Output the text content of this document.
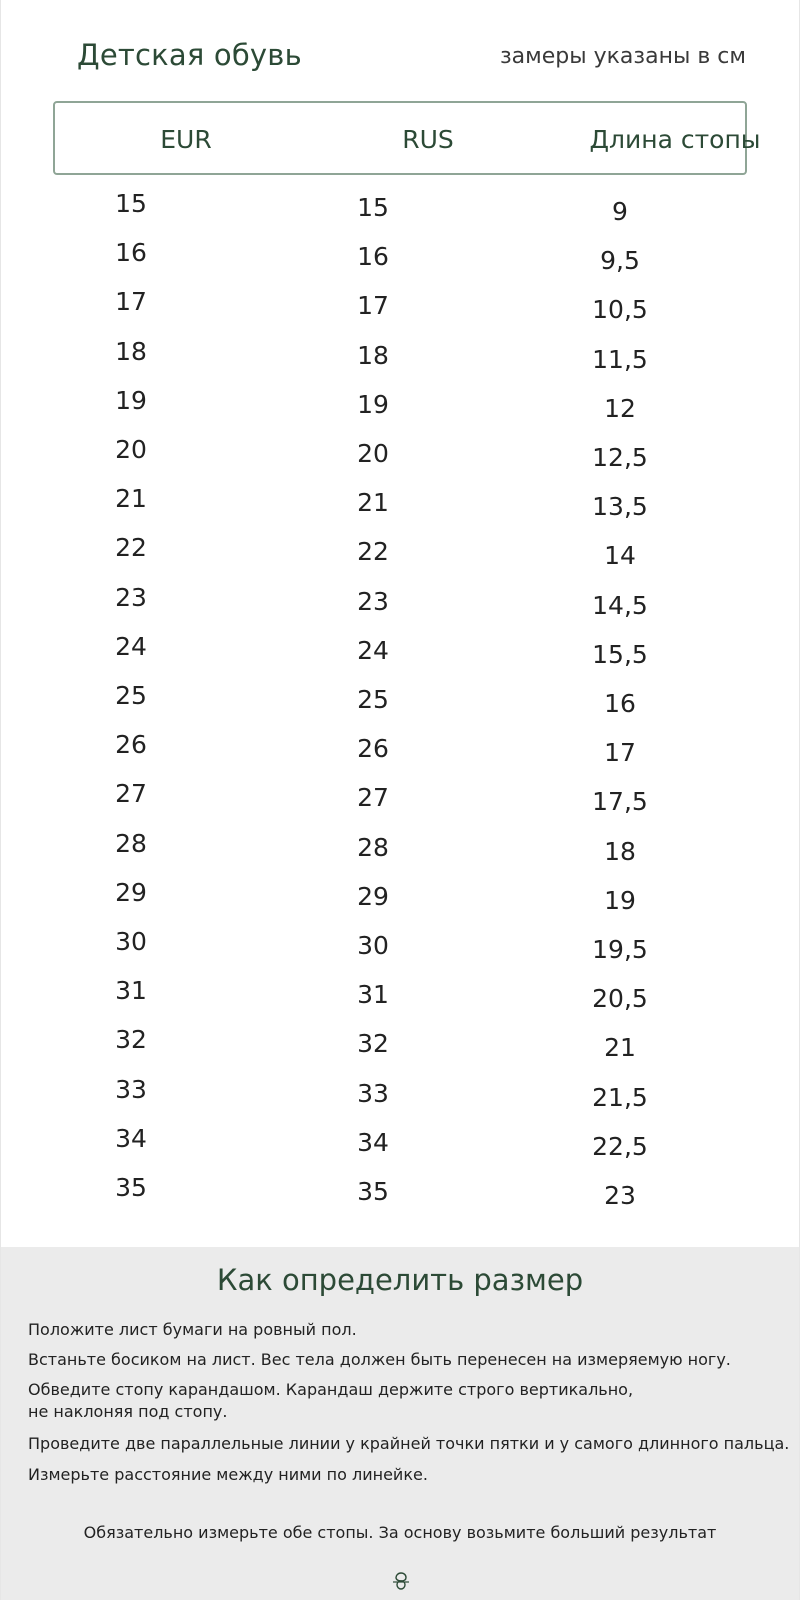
Детская обувь	замеры указаны в см
EUR	RUS	Длина стопы
15	15	9
16	16	9,5
17	17	10,5
18	18	11,5
19	19	12
20	20	12,5
21	21	13,5
22	22	14
23	23	14,5
24	24	15,5
25	25	16
26	26	17
27	27	17,5
28	28	18
29	29	19
30	30	19,5
31	31	20,5
32	32	21
33	33	21,5
34	34	22,5
35	35	23
Как определить размер
Положите лист бумаги на ровный пол.
Встаньте босиком на лист. Вес тела должен быть перенесен на измеряемую ногу.
Обведите стопу карандашом. Карандаш держите строго вертикально,
не наклоняя под стопу.
Проведите две параллельные линии у крайней точки пятки и у самого длинного пальца.
Измерьте расстояние между ними по линейке.
Обязательно измерьте обе стопы. За основу возьмите больший результат
